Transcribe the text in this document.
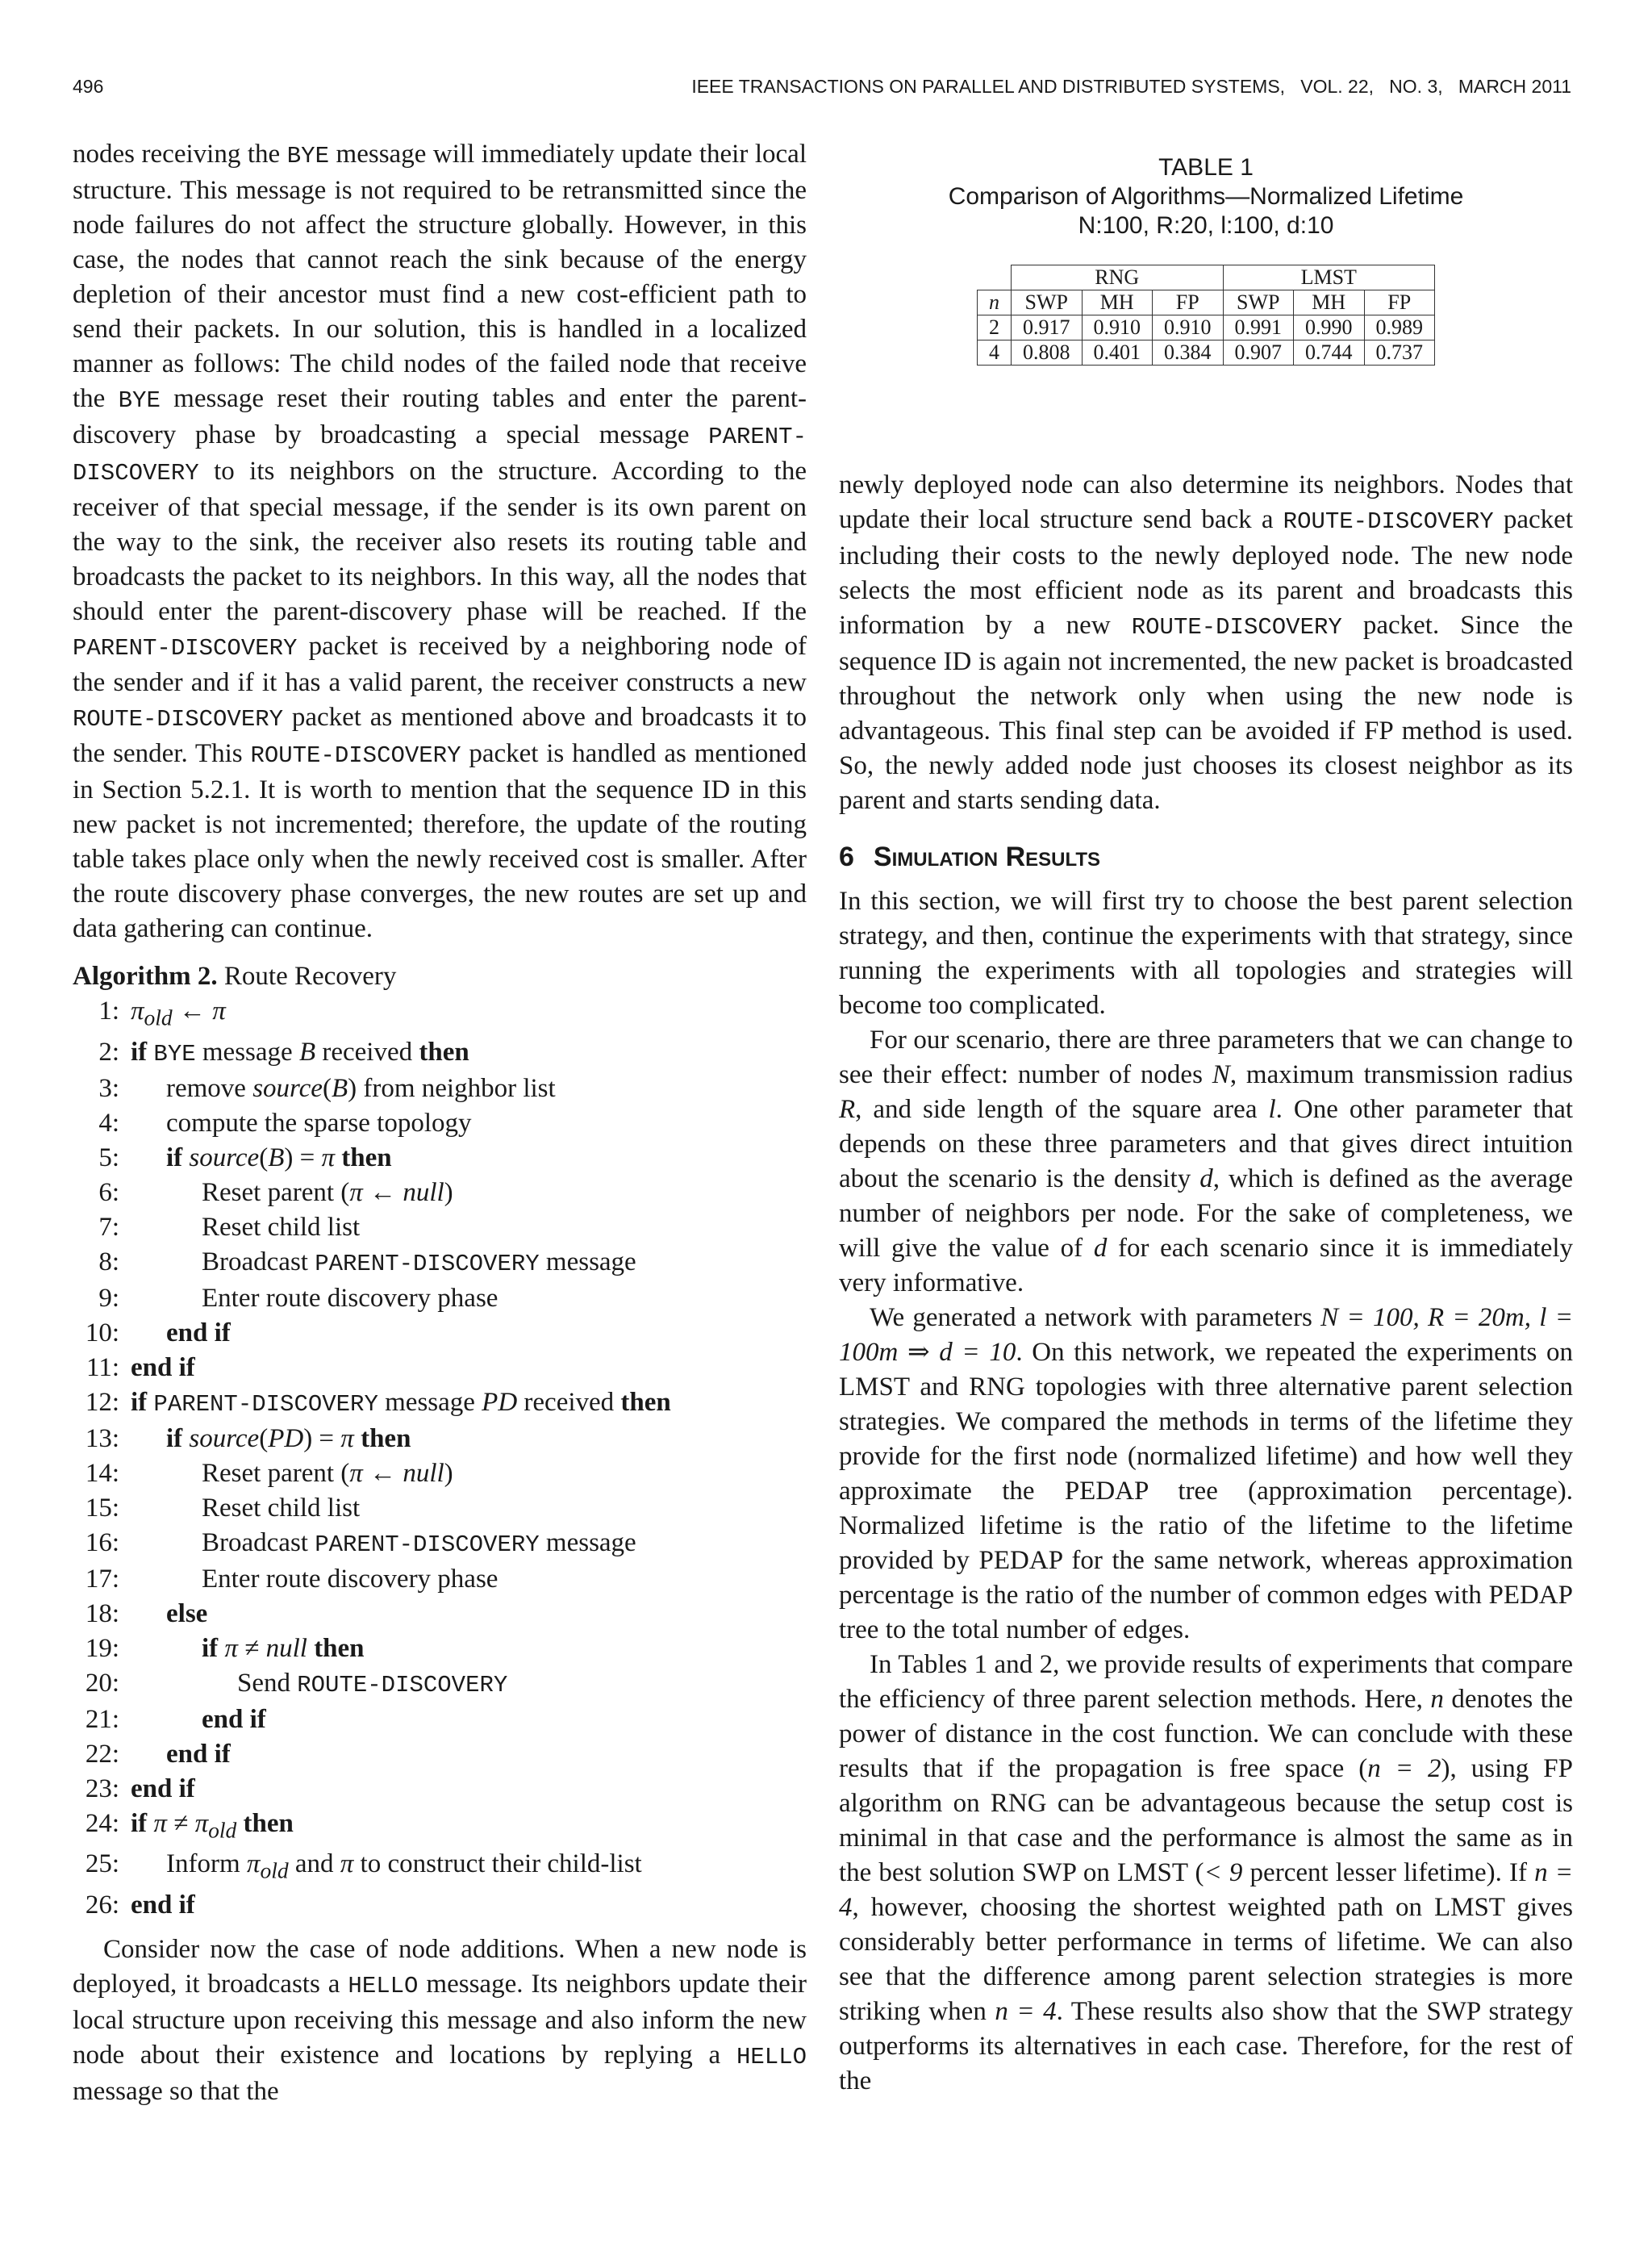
496	IEEE TRANSACTIONS ON PARALLEL AND DISTRIBUTED SYSTEMS,   VOL. 22,   NO. 3,   MARCH 2011

nodes receiving the BYE message will immediately update their local structure. This message is not required to be retransmitted since the node failures do not affect the structure globally. However, in this case, the nodes that cannot reach the sink because of the energy depletion of their ancestor must find a new cost-efficient path to send their packets. In our solution, this is handled in a localized manner as follows: The child nodes of the failed node that receive the BYE message reset their routing tables and enter the parent-discovery phase by broadcasting a special message PARENT-DISCOVERY to its neighbors on the structure. According to the receiver of that special message, if the sender is its own parent on the way to the sink, the receiver also resets its routing table and broadcasts the packet to its neighbors. In this way, all the nodes that should enter the parent-discovery phase will be reached. If the PARENT-DISCOVERY packet is received by a neighboring node of the sender and if it has a valid parent, the receiver constructs a new ROUTE-DISCOVERY packet as mentioned above and broadcasts it to the sender. This ROUTE-DISCOVERY packet is handled as mentioned in Section 5.2.1. It is worth to mention that the sequence ID in this new packet is not incremented; therefore, the update of the routing table takes place only when the newly received cost is smaller. After the route discovery phase converges, the new routes are set up and data gathering can continue.

Algorithm 2. Route Recovery
1: $\pi_{old}$ ← π
2: if BYE message B received then
3: remove source(B) from neighbor list
4: compute the sparse topology
5: if source(B) = π then
6:	Reset parent (π ← null)
7:	Reset child list
8:	Broadcast PARENT-DISCOVERY message
9:	Enter route discovery phase
10: end if
11: end if
12: if PARENT-DISCOVERY message PD received then
13: if source(PD) = π then
14:	Reset parent (π ← null)
15:	Reset child list
16:	Broadcast PARENT-DISCOVERY message
17:	Enter route discovery phase
18: else
19:	if π ≠ null then
20:	Send ROUTE-DISCOVERY
21:	end if
22: end if
23: end if
24: if $\pi \ne \pi_{old}$ then
25: Inform $\pi_{old}$ and π to construct their child-list
26: end if

Consider now the case of node additions. When a new node is deployed, it broadcasts a HELLO message. Its neighbors update their local structure upon receiving this message and also inform the new node about their existence and locations by replying a HELLO message so that the

TABLE 1
Comparison of Algorithms—Normalized Lifetime
N:100, R:20, l:100, d:10
	RNG			LMST		
n	SWP	MH	FP	SWP	MH	FP
2	0.917	0.910	0.910	0.991	0.990	0.989
4	0.808	0.401	0.384	0.907	0.744	0.737

newly deployed node can also determine its neighbors. Nodes that update their local structure send back a ROUTE-DISCOVERY packet including their costs to the newly deployed node. The new node selects the most efficient node as its parent and broadcasts this information by a new ROUTE-DISCOVERY packet. Since the sequence ID is again not incremented, the new packet is broadcasted throughout the network only when using the new node is advantageous. This final step can be avoided if FP method is used. So, the newly added node just chooses its closest neighbor as its parent and starts sending data.

6 Simulation Results

In this section, we will first try to choose the best parent selection strategy, and then, continue the experiments with that strategy, since running the experiments with all topologies and strategies will become too complicated.

For our scenario, there are three parameters that we can change to see their effect: number of nodes N, maximum transmission radius R, and side length of the square area l. One other parameter that depends on these three parameters and that gives direct intuition about the scenario is the density d, which is defined as the average number of neighbors per node. For the sake of completeness, we will give the value of d for each scenario since it is immediately very informative.

We generated a network with parameters N = 100, R = 20m, l = 100m ⇒ d = 10. On this network, we repeated the experiments on LMST and RNG topologies with three alternative parent selection strategies. We compared the methods in terms of the lifetime they provide for the first node (normalized lifetime) and how well they approximate the PEDAP tree (approximation percentage). Normalized lifetime is the ratio of the lifetime to the lifetime provided by PEDAP for the same network, whereas approximation percentage is the ratio of the number of common edges with PEDAP tree to the total number of edges.

In Tables 1 and 2, we provide results of experiments that compare the efficiency of three parent selection methods. Here, n denotes the power of distance in the cost function. We can conclude with these results that if the propagation is free space (n = 2), using FP algorithm on RNG can be advantageous because the setup cost is minimal in that case and the performance is almost the same as in the best solution SWP on LMST (< 9 percent lesser lifetime). If n = 4, however, choosing the shortest weighted path on LMST gives considerably better performance in terms of lifetime. We can also see that the difference among parent selection strategies is more striking when n = 4. These results also show that the SWP strategy outperforms its alternatives in each case. Therefore, for the rest of the
